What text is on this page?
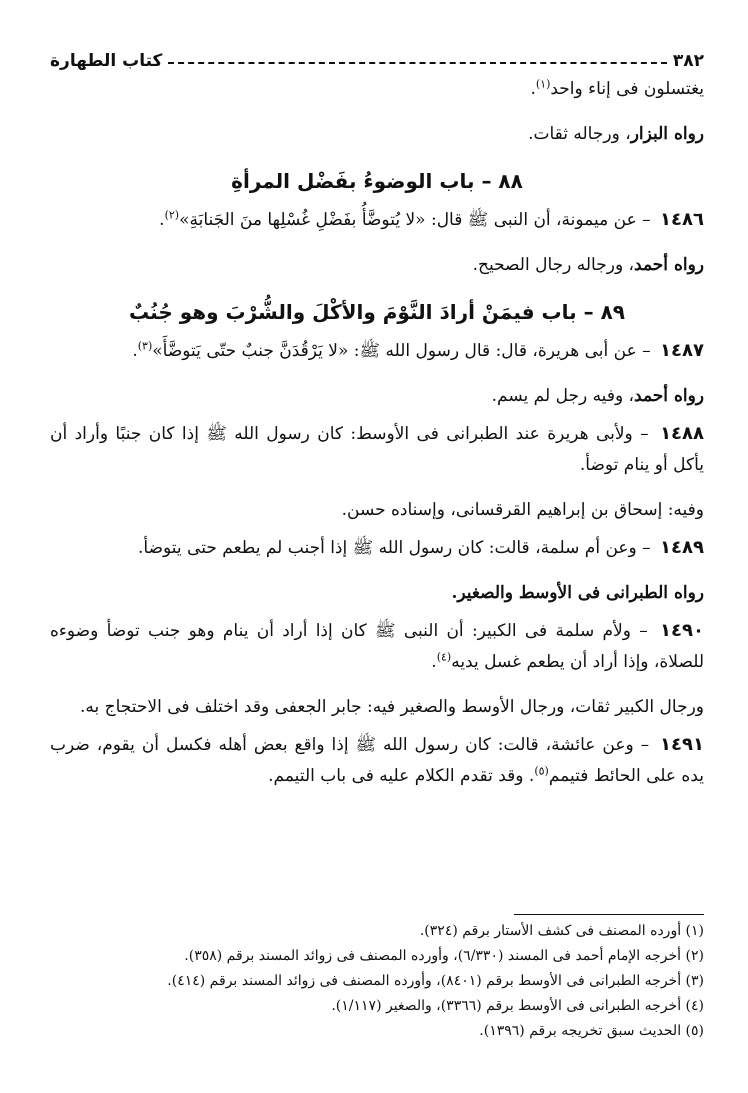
٣٨٢
كتاب الطهارة

يغتسلون فى إناء واحد$^{(١)}$.

رواه البزار، ورجاله ثقات.

٨٨ – باب الوضوءُ بفَضْل المرأةِ

١٤٨٦ – عن ميمونة، أن النبى ﷺ قال: «لا يُتوضَّأُ بفَضْلِ غُسْلِها منَ الجَنابَةِ»$^{(٢)}$.

رواه أحمد، ورجاله رجال الصحيح.

٨٩ – باب فيمَنْ أرادَ النَّوْمَ والأكْلَ والشُّرْبَ وهو جُنُبٌ

١٤٨٧ – عن أبى هريرة، قال: قال رسول الله ﷺ: «لا يَرْقُدَنَّ جنبٌ حتّى يَتوضَّأَ»$^{(٣)}$.

رواه أحمد، وفيه رجل لم يسم.

١٤٨٨ – ولأبى هريرة عند الطبرانى فى الأوسط: كان رسول الله ﷺ إذا كان جنبًا وأراد أن يأكل أو ينام توضأ.

وفيه: إسحاق بن إبراهيم القرقسانى، وإسناده حسن.

١٤٨٩ – وعن أم سلمة، قالت: كان رسول الله ﷺ إذا أجنب لم يطعم حتى يتوضأ.

رواه الطبرانى فى الأوسط والصغير.

١٤٩٠ – ولأم سلمة فى الكبير: أن النبى ﷺ كان إذا أراد أن ينام وهو جنب توضأ وضوءه للصلاة، وإذا أراد أن يطعم غسل يديه$^{(٤)}$.

ورجال الكبير ثقات، ورجال الأوسط والصغير فيه: جابر الجعفى وقد اختلف فى الاحتجاج به.

١٤٩١ – وعن عائشة، قالت: كان رسول الله ﷺ إذا واقع بعض أهله فكسل أن يقوم، ضرب يده على الحائط فتيمم$^{(٥)}$. وقد تقدم الكلام عليه فى باب التيمم.

(١) أورده المصنف فى كشف الأستار برقم (٣٢٤).

(٢) أخرجه الإمام أحمد فى المسند (٦/٣٣٠)، وأورده المصنف فى زوائد المسند برقم (٣٥٨).

(٣) أخرجه الطبرانى فى الأوسط برقم (٨٤٠١)، وأورده المصنف فى زوائد المسند برقم (٤١٤).

(٤) أخرجه الطبرانى فى الأوسط برقم (٣٣٦٦)، والصغير (١/١١٧).

(٥) الحديث سبق تخريجه برقم (١٣٩٦).
